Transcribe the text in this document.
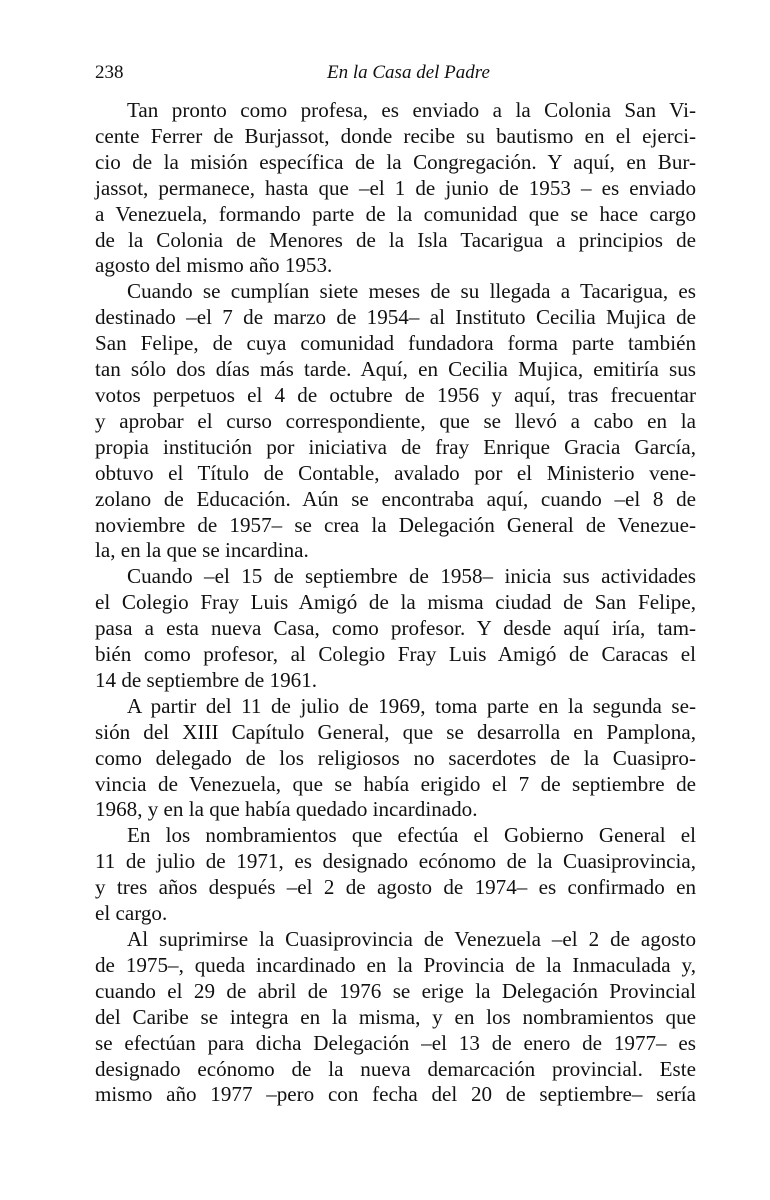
238	En la Casa del Padre
Tan pronto como profesa, es enviado a la Colonia San Vi-
cente Ferrer de Burjassot, donde recibe su bautismo en el ejerci-
cio de la misión específica de la Congregación. Y aquí, en Bur-
jassot, permanece, hasta que –el 1 de junio de 1953 – es enviado
a Venezuela, formando parte de la comunidad que se hace cargo
de la Colonia de Menores de la Isla Tacarigua a principios de
agosto del mismo año 1953.
Cuando se cumplían siete meses de su llegada a Tacarigua, es
destinado –el 7 de marzo de 1954– al Instituto Cecilia Mujica de
San Felipe, de cuya comunidad fundadora forma parte también
tan sólo dos días más tarde. Aquí, en Cecilia Mujica, emitiría sus
votos perpetuos el 4 de octubre de 1956 y aquí, tras frecuentar
y aprobar el curso correspondiente, que se llevó a cabo en la
propia institución por iniciativa de fray Enrique Gracia García,
obtuvo el Título de Contable, avalado por el Ministerio vene-
zolano de Educación. Aún se encontraba aquí, cuando –el 8 de
noviembre de 1957– se crea la Delegación General de Venezue-
la, en la que se incardina.
Cuando –el 15 de septiembre de 1958– inicia sus actividades
el Colegio Fray Luis Amigó de la misma ciudad de San Felipe,
pasa a esta nueva Casa, como profesor. Y desde aquí iría, tam-
bién como profesor, al Colegio Fray Luis Amigó de Caracas el
14 de septiembre de 1961.
A partir del 11 de julio de 1969, toma parte en la segunda se-
sión del XIII Capítulo General, que se desarrolla en Pamplona,
como delegado de los religiosos no sacerdotes de la Cuasipro-
vincia de Venezuela, que se había erigido el 7 de septiembre de
1968, y en la que había quedado incardinado.
En los nombramientos que efectúa el Gobierno General el
11 de julio de 1971, es designado ecónomo de la Cuasiprovincia,
y tres años después –el 2 de agosto de 1974– es confirmado en
el cargo.
Al suprimirse la Cuasiprovincia de Venezuela –el 2 de agosto
de 1975–, queda incardinado en la Provincia de la Inmaculada y,
cuando el 29 de abril de 1976 se erige la Delegación Provincial
del Caribe se integra en la misma, y en los nombramientos que
se efectúan para dicha Delegación –el 13 de enero de 1977– es
designado ecónomo de la nueva demarcación provincial. Este
mismo año 1977 –pero con fecha del 20 de septiembre– sería
